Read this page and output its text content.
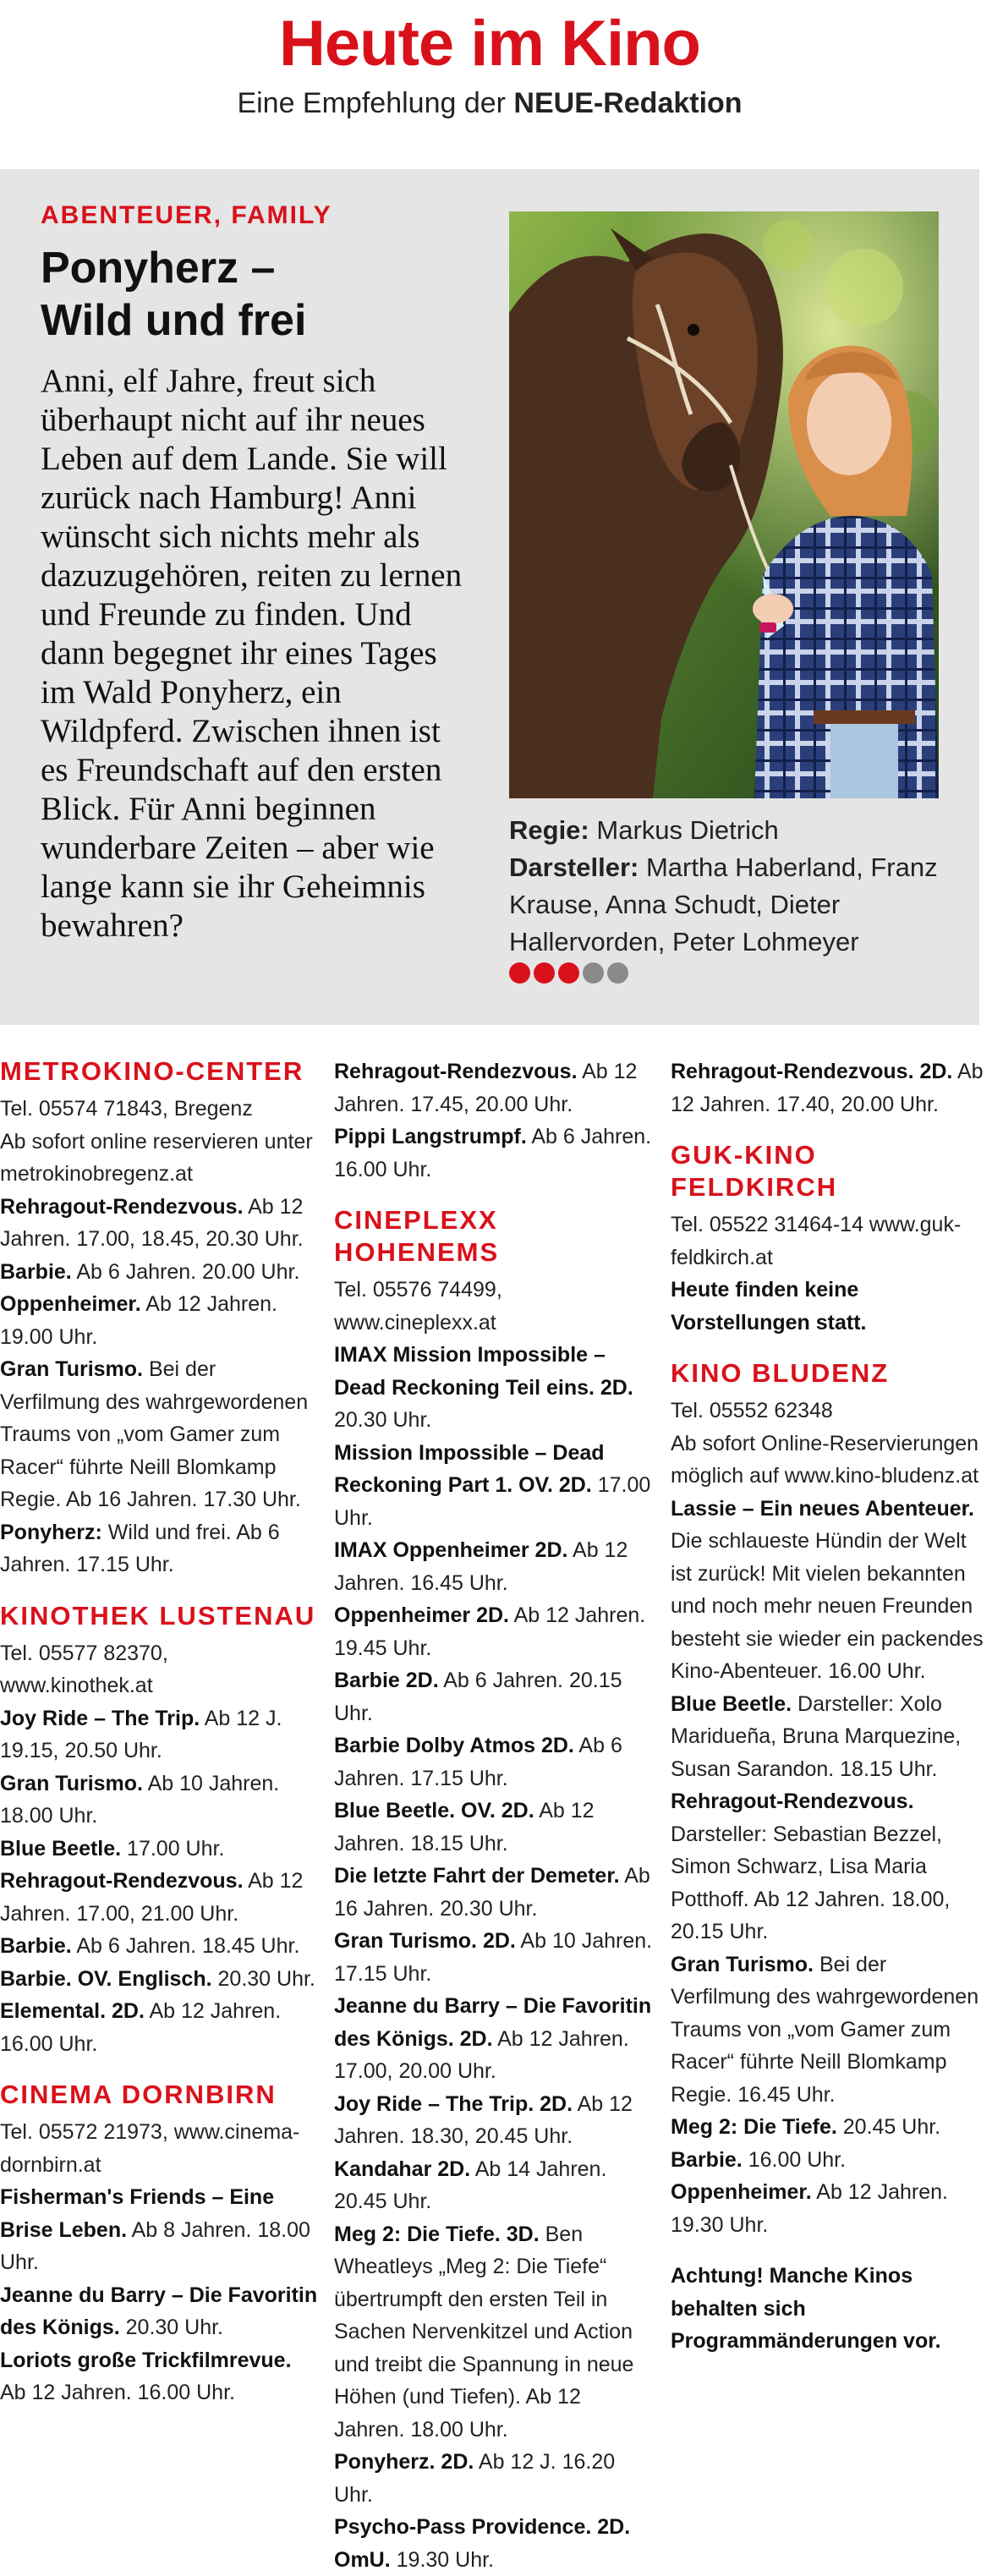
Heute im Kino
Eine Empfehlung der NEUE-Redaktion
ABENTEUER, FAMILY
Ponyherz –
Wild und frei

Anni, elf Jahre, freut sich überhaupt nicht auf ihr neues Leben auf dem Lande. Sie will zurück nach Hamburg! Anni wünscht sich nichts mehr als dazuzugehören, reiten zu lernen und Freunde zu finden. Und dann begegnet ihr eines Tages im Wald Ponyherz, ein Wildpferd. Zwischen ihnen ist es Freundschaft auf den ersten Blick. Für Anni beginnen wunderbare Zeiten – aber wie lange kann sie ihr Geheimnis bewahren?

Regie: Markus Dietrich
Darsteller: Martha Haberland, Franz Krause, Anna Schudt, Dieter Hallervorden, Peter Lohmeyer
METROKINO-CENTER

Tel. 05574 71843, Bregenz

Ab sofort online reservieren unter metrokinobregenz.at

Rehragout-Rendezvous. Ab 12 Jahren. 17.00, 18.45, 20.30 Uhr.

Barbie. Ab 6 Jahren. 20.00 Uhr.

Oppenheimer. Ab 12 Jahren. 19.00 Uhr.

Gran Turismo. Bei der Verfilmung des wahrgewordenen Traums von „vom Gamer zum Racer“ führte Neill Blomkamp Regie. Ab 16 Jahren. 17.30 Uhr.

Ponyherz: Wild und frei. Ab 6 Jahren. 17.15 Uhr.

KINOTHEK LUSTENAU

Tel. 05577 82370, www.kinothek.at

Joy Ride – The Trip. Ab 12 J. 19.15, 20.50 Uhr.

Gran Turismo. Ab 10 Jahren. 18.00 Uhr.

Blue Beetle. 17.00 Uhr.

Rehragout-Rendezvous. Ab 12 Jahren. 17.00, 21.00 Uhr.

Barbie. Ab 6 Jahren. 18.45 Uhr.

Barbie. OV. Englisch. 20.30 Uhr.

Elemental. 2D. Ab 12 Jahren. 16.00 Uhr.

CINEMA DORNBIRN

Tel. 05572 21973, www.cinema-dornbirn.at

Fisherman's Friends – Eine Brise Leben. Ab 8 Jahren. 18.00 Uhr.

Jeanne du Barry – Die Favoritin des Königs. 20.30 Uhr.

Loriots große Trickfilmrevue. Ab 12 Jahren. 16.00 Uhr.

Rehragout-Rendezvous. Ab 12 Jahren. 17.45, 20.00 Uhr.

Pippi Langstrumpf. Ab 6 Jahren. 16.00 Uhr.

CINEPLEXX HOHENEMS

Tel. 05576 74499, www.cineplexx.at

IMAX Mission Impossible – Dead Reckoning Teil eins. 2D. 20.30 Uhr.

Mission Impossible – Dead Reckoning Part 1. OV. 2D. 17.00 Uhr.

IMAX Oppenheimer 2D. Ab 12 Jahren. 16.45 Uhr.

Oppenheimer 2D. Ab 12 Jahren. 19.45 Uhr.

Barbie 2D. Ab 6 Jahren. 20.15 Uhr.

Barbie Dolby Atmos 2D. Ab 6 Jahren. 17.15 Uhr.

Blue Beetle. OV. 2D. Ab 12 Jahren. 18.15 Uhr.

Die letzte Fahrt der Demeter. Ab 16 Jahren. 20.30 Uhr.

Gran Turismo. 2D. Ab 10 Jahren. 17.15 Uhr.

Jeanne du Barry – Die Favoritin des Königs. 2D. Ab 12 Jahren. 17.00, 20.00 Uhr.

Joy Ride – The Trip. 2D. Ab 12 Jahren. 18.30, 20.45 Uhr.

Kandahar 2D. Ab 14 Jahren. 20.45 Uhr.

Meg 2: Die Tiefe. 3D. Ben Wheatleys „Meg 2: Die Tiefe“ übertrumpft den ersten Teil in Sachen Nervenkitzel und Action und treibt die Spannung in neue Höhen (und Tiefen). Ab 12 Jahren. 18.00 Uhr.

Ponyherz. 2D. Ab 12 J. 16.20 Uhr.

Psycho-Pass Providence. 2D. OmU. 19.30 Uhr.

Rehragout-Rendezvous. 2D. Ab 12 Jahren. 17.40, 20.00 Uhr.

GUK-KINO FELDKIRCH

Tel. 05522 31464-14 www.guk-feldkirch.at

Heute finden keine Vorstellungen statt.

KINO BLUDENZ

Tel. 05552 62348

Ab sofort Online-Reservierungen möglich auf www.kino-bludenz.at

Lassie – Ein neues Abenteuer. Die schlaueste Hündin der Welt ist zurück! Mit vielen bekannten und noch mehr neuen Freunden besteht sie wieder ein packendes Kino-Abenteuer. 16.00 Uhr.

Blue Beetle. Darsteller: Xolo Maridueña, Bruna Marquezine, Susan Sarandon. 18.15 Uhr.

Rehragout-Rendezvous. Darsteller: Sebastian Bezzel, Simon Schwarz, Lisa Maria Potthoff. Ab 12 Jahren. 18.00, 20.15 Uhr.

Gran Turismo. Bei der Verfilmung des wahrgewordenen Traums von „vom Gamer zum Racer“ führte Neill Blomkamp Regie. 16.45 Uhr.

Meg 2: Die Tiefe. 20.45 Uhr.

Barbie. 16.00 Uhr.

Oppenheimer. Ab 12 Jahren. 19.30 Uhr.

Achtung! Manche Kinos behalten sich Programmänderungen vor.
